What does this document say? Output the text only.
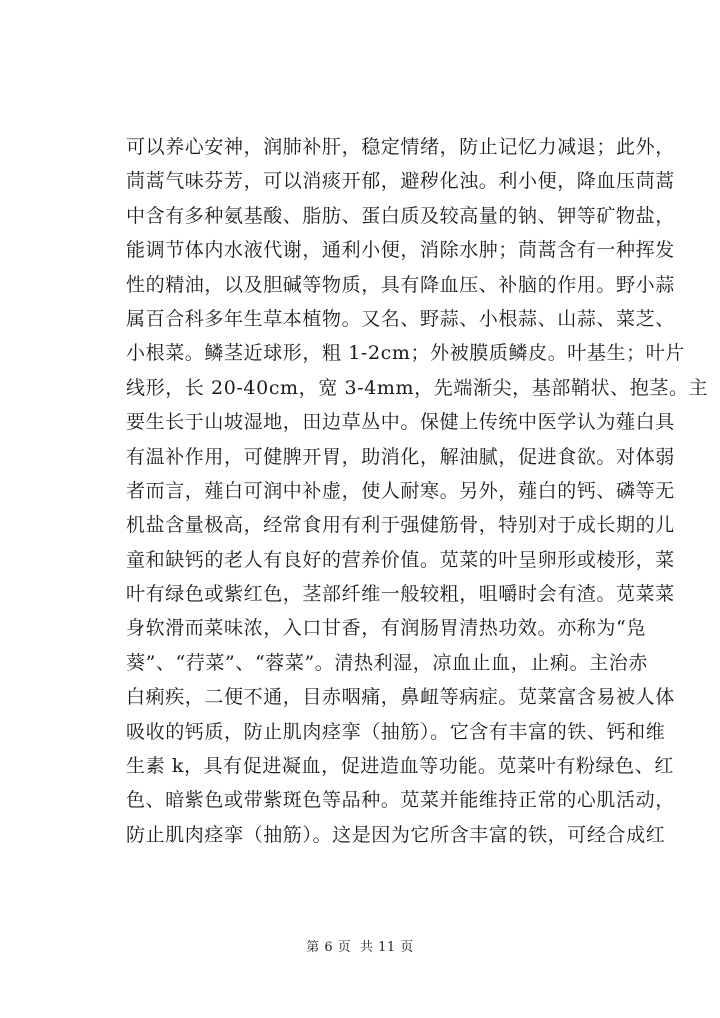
可以养心安神，润肺补肝，稳定情绪，防止记忆力减退；此外，
茼蒿气味芬芳，可以消痰开郁，避秽化浊。利小便，降血压茼蒿
中含有多种氨基酸、脂肪、蛋白质及较高量的钠、钾等矿物盐，
能调节体内水液代谢，通利小便，消除水肿；茼蒿含有一种挥发
性的精油，以及胆碱等物质，具有降血压、补脑的作用。野小蒜
属百合科多年生草本植物。又名、野蒜、小根蒜、山蒜、菜芝、
小根菜。鳞茎近球形，粗 1-2cm；外被膜质鳞皮。叶基生；叶片
线形，长 20-40cm，宽 3-4mm，先端渐尖，基部鞘状、抱茎。主
要生长于山坡湿地，田边草丛中。保健上传统中医学认为薤白具
有温补作用，可健脾开胃，助消化，解油腻，促进食欲。对体弱
者而言，薤白可润中补虚，使人耐寒。另外，薤白的钙、磷等无
机盐含量极高，经常食用有利于强健筋骨，特别对于成长期的儿
童和缺钙的老人有良好的营养价值。苋菜的叶呈卵形或棱形，菜
叶有绿色或紫红色，茎部纤维一般较粗，咀嚼时会有渣。苋菜菜
身软滑而菜味浓，入口甘香，有润肠胃清热功效。亦称为“凫
葵”、“荇菜”、“蓉菜”。清热利湿，凉血止血，止痢。主治赤
白痢疾，二便不通，目赤咽痛，鼻衄等病症。苋菜富含易被人体
吸收的钙质，防止肌肉痉挛（抽筋）。它含有丰富的铁、钙和维
生素 k，具有促进凝血，促进造血等功能。苋菜叶有粉绿色、红
色、暗紫色或带紫斑色等品种。苋菜并能维持正常的心肌活动，
防止肌肉痉挛（抽筋）。这是因为它所含丰富的铁，可经合成红
第 6 页 共 11 页
